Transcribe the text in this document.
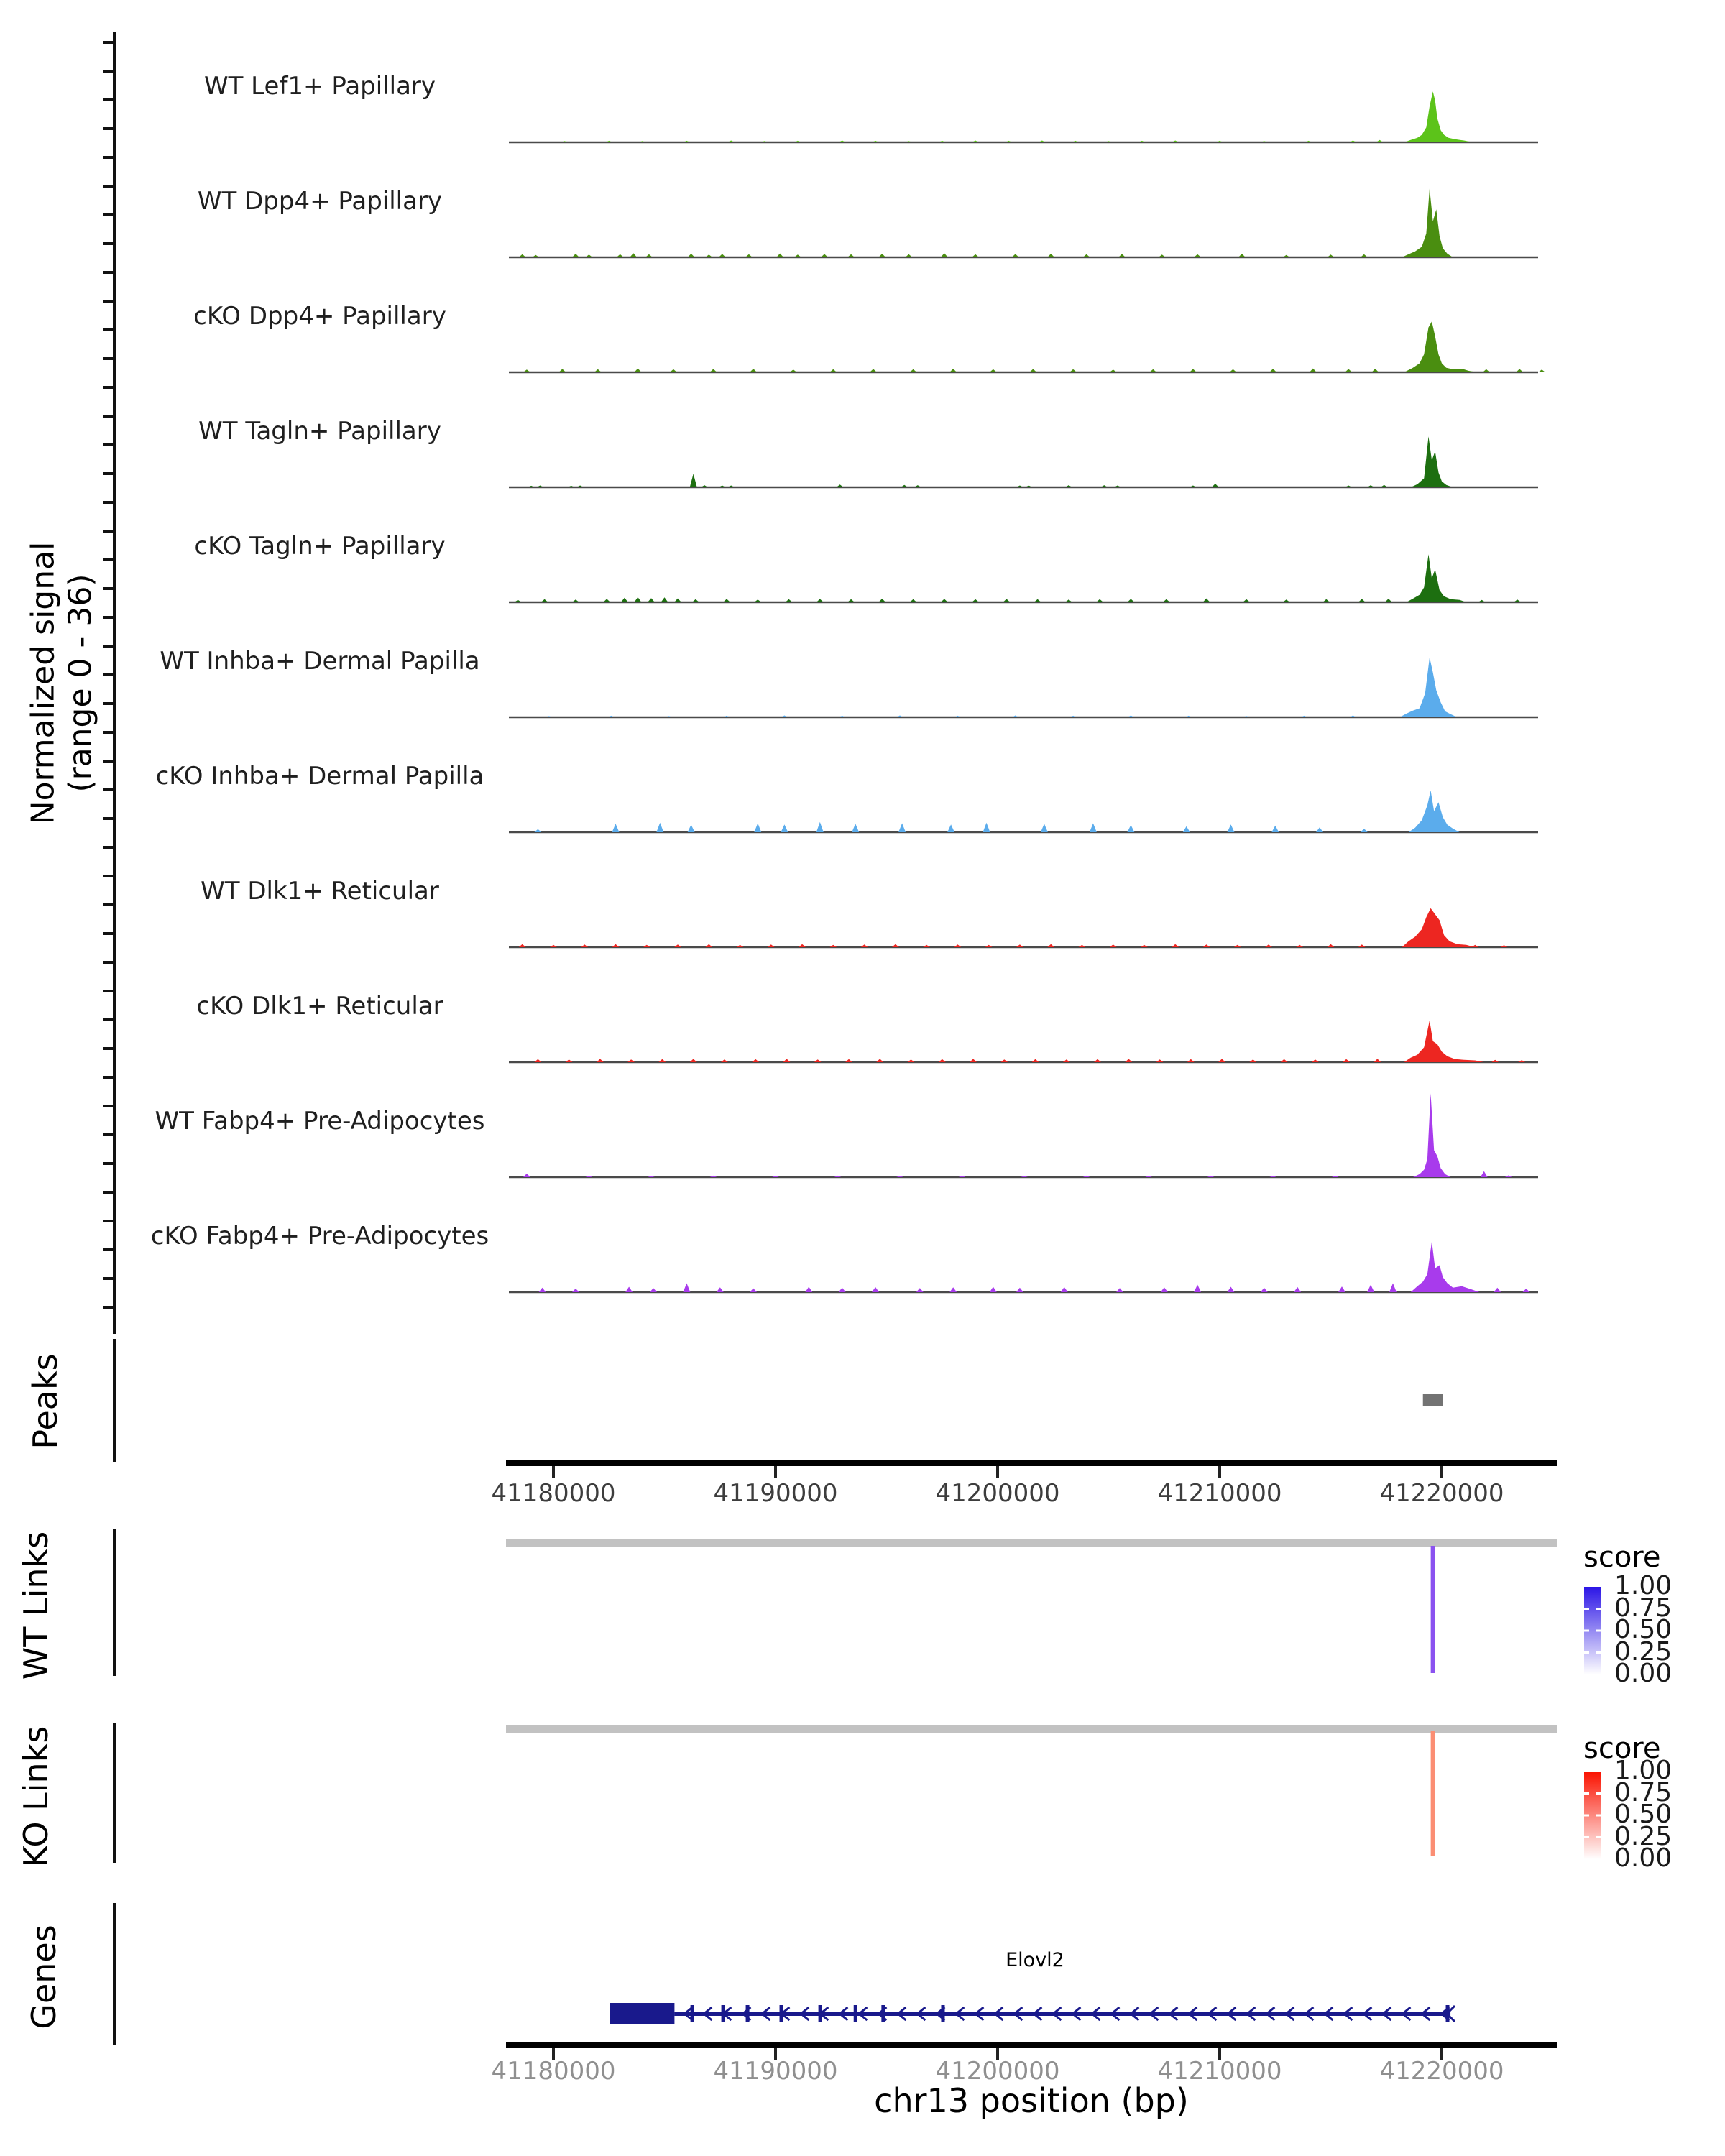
Normalized signal (range 0 - 36)
Peaks
WT Links
KO Links
Genes
WT Lef1+ Papillary
WT Dpp4+ Papillary
cKO Dpp4+ Papillary
WT Tagln+ Papillary
cKO Tagln+ Papillary
WT Inhba+ Dermal Papilla
cKO Inhba+ Dermal Papilla
WT Dlk1+ Reticular
cKO Dlk1+ Reticular
WT Fabp4+ Pre-Adipocytes
cKO Fabp4+ Pre-Adipocytes
41180000	41190000	41200000	41210000	41220000
41180000	41190000	41200000	41210000	41220000
score
score
1.00
0.75
0.50
0.25
0.00
1.00
0.75
0.50
0.25
0.00
Elovl2
chr13 position (bp)
